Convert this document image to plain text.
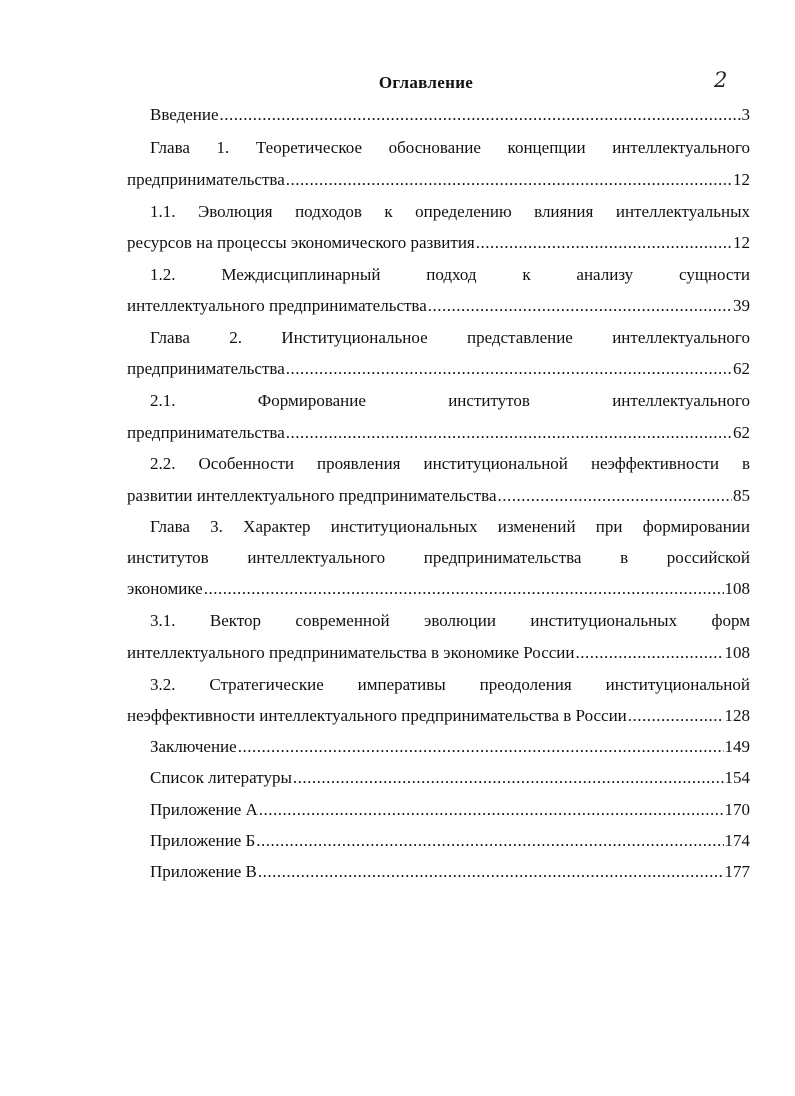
2
Оглавление
Введение .....	3
Глава 1. Теоретическое обоснование концепции интеллектуального
предпринимательства .....	12
1.1. Эволюция подходов к определению влияния интеллектуальных
ресурсов на процессы экономического развития .....	12
1.2. Междисциплинарный подход к анализу сущности
интеллектуального предпринимательства .....	39
Глава 2. Институциональное представление интеллектуального
предпринимательства .....	62
2.1. Формирование институтов интеллектуального
предпринимательства .....	62
2.2. Особенности проявления институциональной неэффективности в
развитии интеллектуального предпринимательства .....	85
Глава 3. Характер институциональных изменений при формировании
институтов интеллектуального предпринимательства в российской
экономике .....	108
3.1. Вектор современной эволюции институциональных форм
интеллектуального предпринимательства в экономике России .....	108
3.2. Стратегические императивы преодоления институциональной
неэффективности интеллектуального предпринимательства в России .....	128
Заключение .....	149
Список литературы .....	154
Приложение А .....	170
Приложение Б .....	174
Приложение В .....	177
